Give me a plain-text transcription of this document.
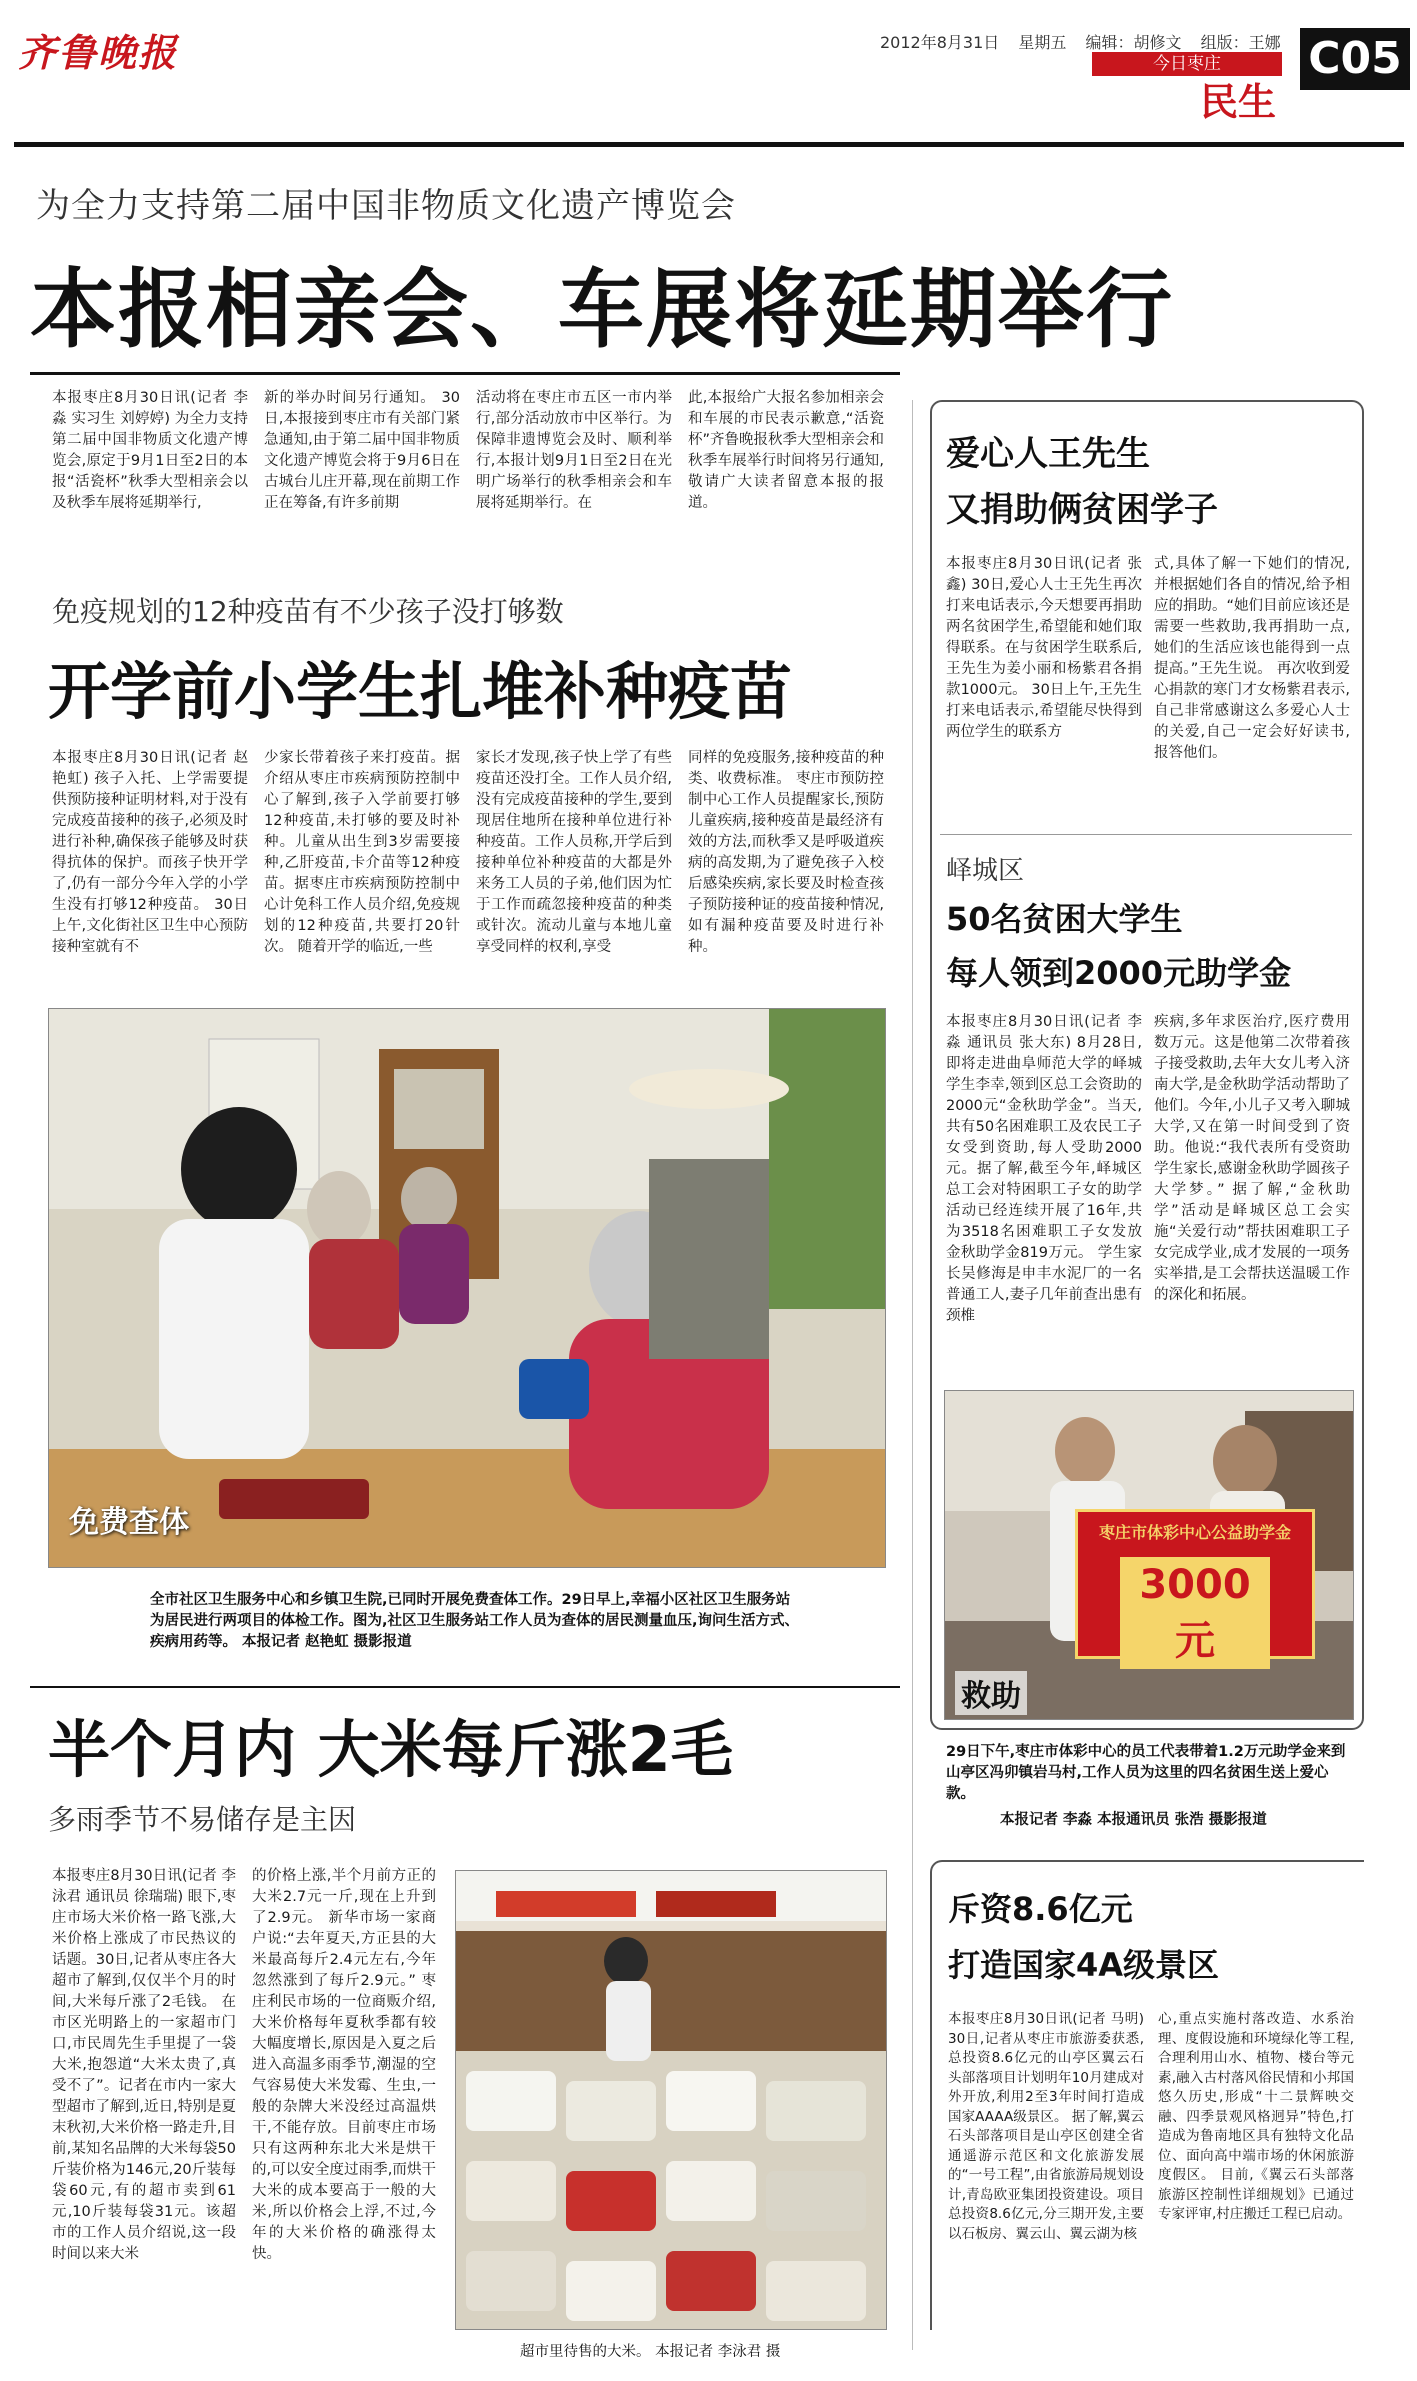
齐鲁晚报	2012年8月31日 星期五 编辑：胡修文 组版：王娜
今日枣庄
民生
C05
为全力支持第二届中国非物质文化遗产博览会
本报相亲会、车展将延期举行
本报枣庄8月30日讯(记者 李淼 实习生 刘婷婷) 为全力支持第二届中国非物质文化遗产博览会,原定于9月1日至2日的本报“活瓷杯”秋季大型相亲会以及秋季车展将延期举行,
新的举办时间另行通知。 30日,本报接到枣庄市有关部门紧急通知,由于第二届中国非物质文化遗产博览会将于9月6日在古城台儿庄开幕,现在前期工作正在筹备,有许多前期
活动将在枣庄市五区一市内举行,部分活动放市中区举行。为保障非遗博览会及时、顺利举行,本报计划9月1日至2日在光明广场举行的秋季相亲会和车展将延期举行。在
此,本报给广大报名参加相亲会和车展的市民表示歉意,“活瓷杯”齐鲁晚报秋季大型相亲会和秋季车展举行时间将另行通知,敬请广大读者留意本报的报道。
免疫规划的12种疫苗有不少孩子没打够数
开学前小学生扎堆补种疫苗
本报枣庄8月30日讯(记者 赵艳虹) 孩子入托、上学需要提供预防接种证明材料,对于没有完成疫苗接种的孩子,必须及时进行补种,确保孩子能够及时获得抗体的保护。而孩子快开学了,仍有一部分今年入学的小学生没有打够12种疫苗。 30日上午,文化街社区卫生中心预防接种室就有不
少家长带着孩子来打疫苗。据介绍从枣庄市疾病预防控制中心了解到,孩子入学前要打够12种疫苗,未打够的要及时补种。儿童从出生到3岁需要接种,乙肝疫苗,卡介苗等12种疫苗。据枣庄市疾病预防控制中心计免科工作人员介绍,免疫规划的12种疫苗,共要打20针次。 随着开学的临近,一些
家长才发现,孩子快上学了有些疫苗还没打全。工作人员介绍,没有完成疫苗接种的学生,要到现居住地所在接种单位进行补种疫苗。工作人员称,开学后到接种单位补种疫苗的大都是外来务工人员的子弟,他们因为忙于工作而疏忽接种疫苗的种类或针次。流动儿童与本地儿童享受同样的权利,享受
同样的免疫服务,接种疫苗的种类、收费标准。 枣庄市预防控制中心工作人员提醒家长,预防儿童疾病,接种疫苗是最经济有效的方法,而秋季又是呼吸道疾病的高发期,为了避免孩子入校后感染疾病,家长要及时检查孩子预防接种证的疫苗接种情况,如有漏种疫苗要及时进行补种。
免费查体
全市社区卫生服务中心和乡镇卫生院,已同时开展免费查体工作。29日早上,幸福小区社区卫生服务站为居民进行两项目的体检工作。图为,社区卫生服务站工作人员为查体的居民测量血压,询问生活方式、疾病用药等。 本报记者 赵艳虹 摄影报道
半个月内 大米每斤涨2毛
多雨季节不易储存是主因
本报枣庄8月30日讯(记者 李泳君 通讯员 徐瑞瑞) 眼下,枣庄市场大米价格一路飞涨,大米价格上涨成了市民热议的话题。30日,记者从枣庄各大超市了解到,仅仅半个月的时间,大米每斤涨了2毛钱。 在市区光明路上的一家超市门口,市民周先生手里提了一袋大米,抱怨道“大米太贵了,真受不了”。记者在市内一家大型超市了解到,近日,特别是夏末秋初,大米价格一路走升,目前,某知名品牌的大米每袋50斤装价格为146元,20斤装每袋60元,有的超市卖到61元,10斤装每袋31元。该超市的工作人员介绍说,这一段时间以来大米
的价格上涨,半个月前方正的大米2.7元一斤,现在上升到了2.9元。 新华市场一家商户说:“去年夏天,方正县的大米最高每斤2.4元左右,今年忽然涨到了每斤2.9元。” 枣庄利民市场的一位商贩介绍,大米价格每年夏秋季都有较大幅度增长,原因是入夏之后进入高温多雨季节,潮湿的空气容易使大米发霉、生虫,一般的杂牌大米没经过高温烘干,不能存放。目前枣庄市场只有这两种东北大米是烘干的,可以安全度过雨季,而烘干大米的成本要高于一般的大米,所以价格会上浮,不过,今年的大米价格的确涨得太快。
超市里待售的大米。 本报记者 李泳君 摄
爱心人王先生
又捐助俩贫困学子
本报枣庄8月30日讯(记者 张鑫) 30日,爱心人士王先生再次打来电话表示,今天想要再捐助两名贫困学生,希望能和她们取得联系。在与贫困学生联系后,王先生为姜小丽和杨紫君各捐款1000元。 30日上午,王先生打来电话表示,希望能尽快得到两位学生的联系方
式,具体了解一下她们的情况,并根据她们各自的情况,给予相应的捐助。“她们目前应该还是需要一些救助,我再捐助一点,她们的生活应该也能得到一点提高。”王先生说。 再次收到爱心捐款的寒门才女杨紫君表示,自己非常感谢这么多爱心人士的关爱,自己一定会好好读书,报答他们。
峄城区
50名贫困大学生
每人领到2000元助学金
本报枣庄8月30日讯(记者 李淼 通讯员 张大东) 8月28日,即将走进曲阜师范大学的峄城学生李幸,领到区总工会资助的2000元“金秋助学金”。当天,共有50名困难职工及农民工子女受到资助,每人受助2000元。据了解,截至今年,峄城区总工会对特困职工子女的助学活动已经连续开展了16年,共为3518名困难职工子女发放金秋助学金819万元。 学生家长吴修海是申丰水泥厂的一名普通工人,妻子几年前查出患有颈椎
疾病,多年求医治疗,医疗费用数万元。这是他第二次带着孩子接受救助,去年大女儿考入济南大学,是金秋助学活动帮助了他们。今年,小儿子又考入聊城大学,又在第一时间受到了资助。他说:“我代表所有受资助学生家长,感谢金秋助学圆孩子大学梦。” 据了解,“金秋助学”活动是峄城区总工会实施“关爱行动”帮扶困难职工子女完成学业,成才发展的一项务实举措,是工会帮扶送温暖工作的深化和拓展。
枣庄市体彩中心公益助学金
3000元
救助
29日下午,枣庄市体彩中心的员工代表带着1.2万元助学金来到山亭区冯卯镇岩马村,工作人员为这里的四名贫困生送上爱心款。
本报记者 李淼 本报通讯员 张浩 摄影报道
斥资8.6亿元
打造国家4A级景区
本报枣庄8月30日讯(记者 马明) 30日,记者从枣庄市旅游委获悉,总投资8.6亿元的山亭区翼云石头部落项目计划明年10月建成对外开放,利用2至3年时间打造成国家AAAA级景区。 据了解,翼云石头部落项目是山亭区创建全省通遥游示范区和文化旅游发展的“一号工程”,由省旅游局规划设计,青岛欧亚集团投资建设。项目总投资8.6亿元,分三期开发,主要以石板房、翼云山、翼云湖为核
心,重点实施村落改造、水系治理、度假设施和环境绿化等工程,合理利用山水、植物、楼台等元素,融入古村落风俗民情和小邦国悠久历史,形成“十二景辉映交融、四季景观风格迥异”特色,打造成为鲁南地区具有独特文化品位、面向高中端市场的休闲旅游度假区。 目前,《翼云石头部落旅游区控制性详细规划》已通过专家评审,村庄搬迁工程已启动。
